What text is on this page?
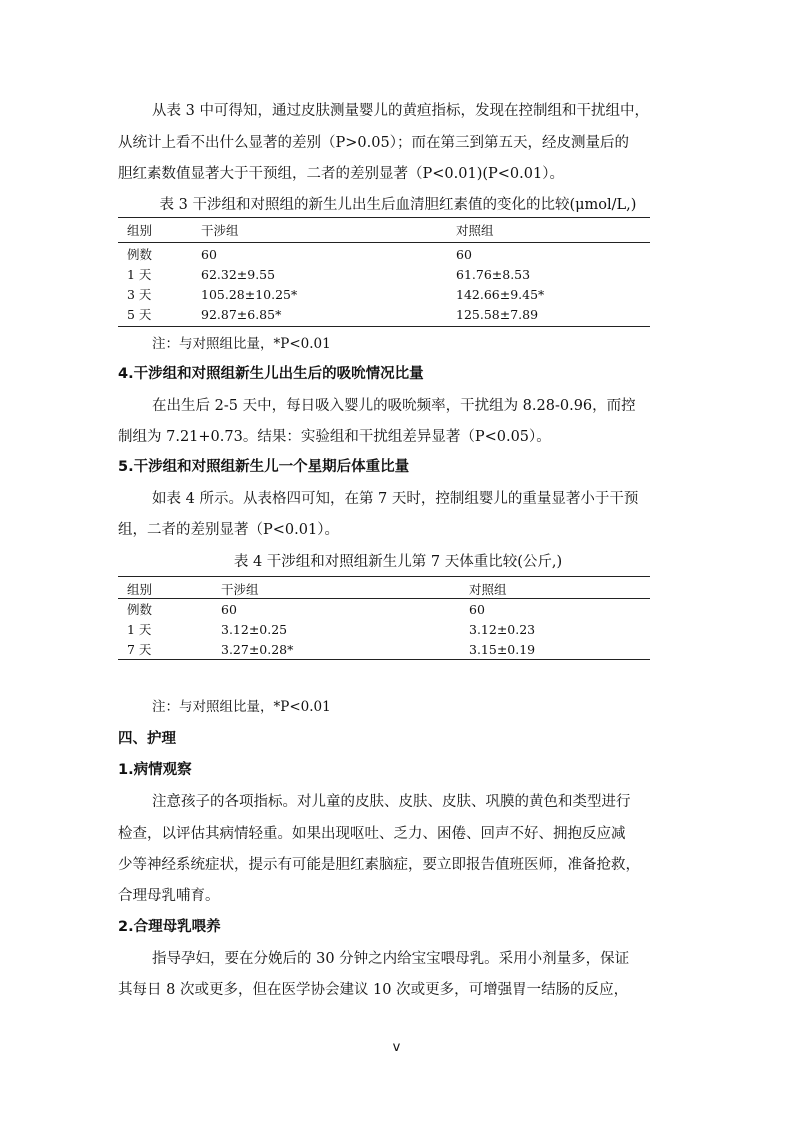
从表 3 中可得知，通过皮肤测量婴儿的黄疸指标，发现在控制组和干扰组中，
从统计上看不出什么显著的差别（P>0.05）；而在第三到第五天，经皮测量后的
胆红素数值显著大于干预组，二者的差别显著（P<0.01)(P<0.01）。
表 3 干涉组和对照组的新生儿出生后血清胆红素值的变化的比较(μmol/L,)
组别	干涉组	对照组
例数	60	60
1 天	62.32±9.55	61.76±8.53
3 天	105.28±10.25*	142.66±9.45*
5 天	92.87±6.85*	125.58±7.89
注：与对照组比量，*P<0.01
4.干涉组和对照组新生儿出生后的吸吮情况比量
在出生后 2-5 天中，每日吸入婴儿的吸吮频率，干扰组为 8.28-0.96，而控
制组为 7.21+0.73。结果：实验组和干扰组差异显著（P<0.05）。
5.干涉组和对照组新生儿一个星期后体重比量
如表 4 所示。从表格四可知，在第 7 天时，控制组婴儿的重量显著小于干预
组，二者的差别显著（P<0.01）。
表 4 干涉组和对照组新生儿第 7 天体重比较(公斤,)
组别	干涉组	对照组
例数	60	60
1 天	3.12±0.25	3.12±0.23
7 天	3.27±0.28*	3.15±0.19
注：与对照组比量，*P<0.01
四、护理
1.病情观察
注意孩子的各项指标。对儿童的皮肤、皮肤、皮肤、巩膜的黄色和类型进行
检查，以评估其病情轻重。如果出现呕吐、乏力、困倦、回声不好、拥抱反应减
少等神经系统症状，提示有可能是胆红素脑症，要立即报告值班医师，准备抢救，
合理母乳哺育。
2.合理母乳喂养
指导孕妇，要在分娩后的 30 分钟之内给宝宝喂母乳。采用小剂量多，保证
其每日 8 次或更多，但在医学协会建议 10 次或更多，可增强胃一结肠的反应，
v
